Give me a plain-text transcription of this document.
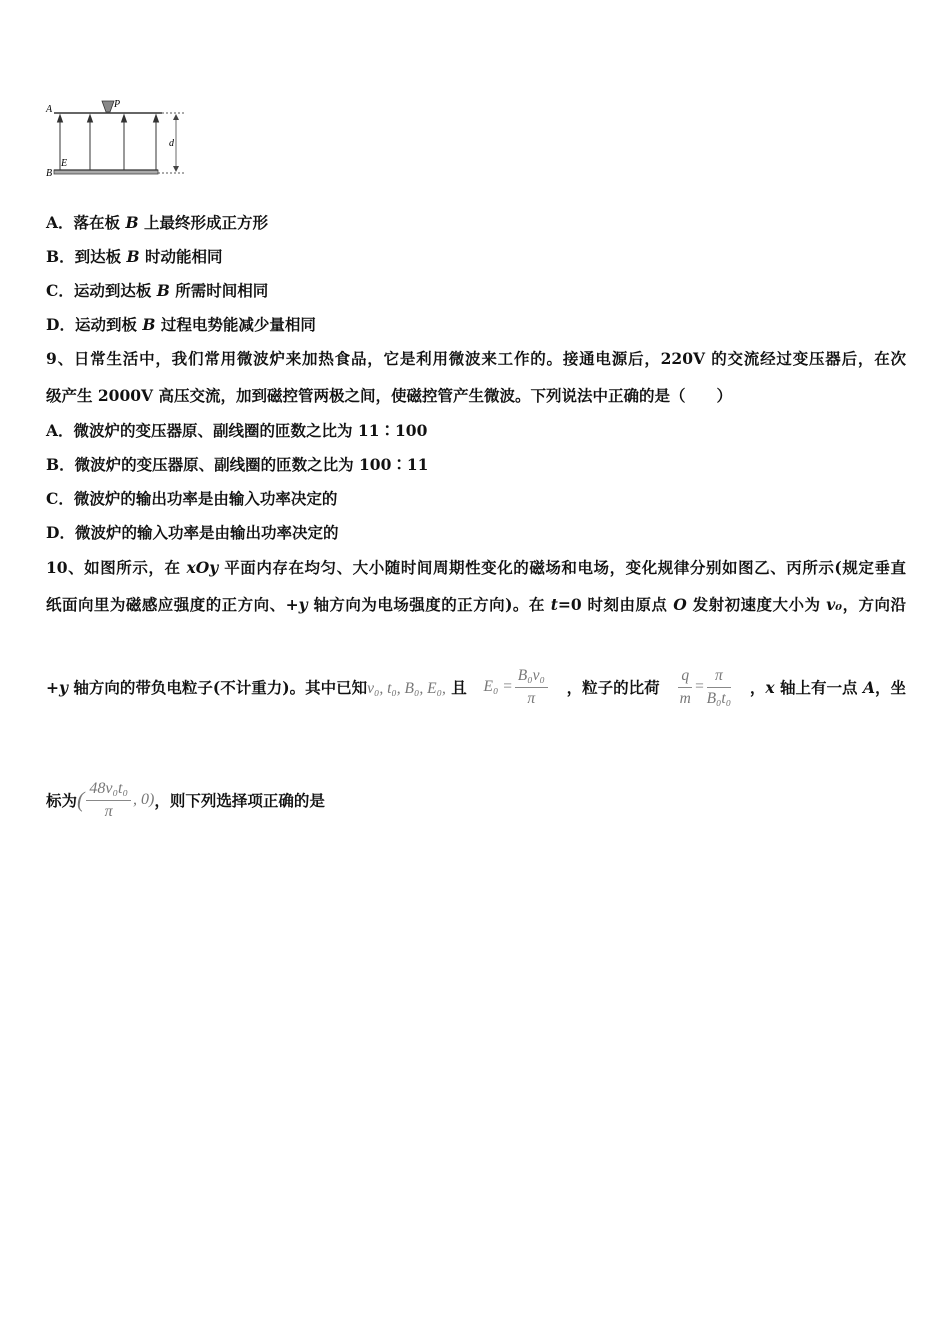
A	P
d
E
B
A．落在板 B 上最终形成正方形
B．到达板 B 时动能相同
C．运动到达板 B 所需时间相同
D．运动到板 B 过程电势能减少量相同
9、日常生活中，我们常用微波炉来加热食品，它是利用微波来工作的。接通电源后，220V 的交流经过变压器后，在次
级产生 2000V 高压交流，加到磁控管两极之间，使磁控管产生微波。下列说法中正确的是（　　）
A．微波炉的变压器原、副线圈的匝数之比为 11∶100
B．微波炉的变压器原、副线圈的匝数之比为 100∶11
C．微波炉的输出功率是由输入功率决定的
D．微波炉的输入功率是由输出功率决定的
10、如图所示，在 xOy 平面内存在均匀、大小随时间周期性变化的磁场和电场，变化规律分别如图乙、丙所示(规定垂直
纸面向里为磁感应强度的正方向、+y 轴方向为电场强度的正方向)。在 t=0 时刻由原点 O 发射初速度大小为 v₀，方向沿
+y 轴方向的带负电粒子(不计重力)。其中已知v₀, t₀, B₀, E₀, 且 $E_0 = \frac{\text{B₀v₀}}{\pi}$ ，粒子的比荷 $\frac{q}{m} = \frac{\pi}{\text{B₀t₀}}$ ，x 轴上有一点 A，坐
标为 ( $\frac{\text{48v₀t₀}}{\pi}$ , 0) ，则下列选择项正确的是
